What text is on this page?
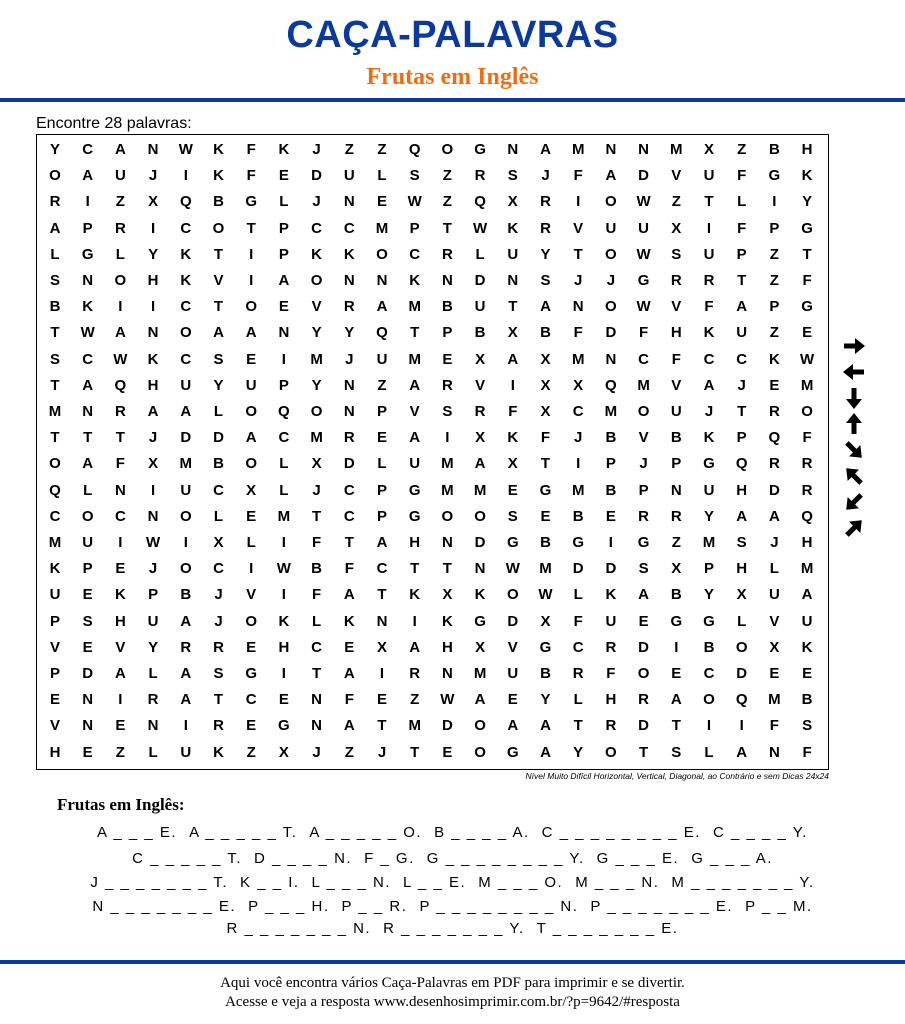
CAÇA-PALAVRAS
Frutas em Inglês
Encontre 28 palavras:
Y	C	A	N	W	K	F	K	J	Z	Z	Q	O	G	N	A	M	N	N	M	X	Z	B	H
O	A	U	J	I	K	F	E	D	U	L	S	Z	R	S	J	F	A	D	V	U	F	G	K
R	I	Z	X	Q	B	G	L	J	N	E	W	Z	Q	X	R	I	O	W	Z	T	L	I	Y
A	P	R	I	C	O	T	P	C	C	M	P	T	W	K	R	V	U	U	X	I	F	P	G
L	G	L	Y	K	T	I	P	K	K	O	C	R	L	U	Y	T	O	W	S	U	P	Z	T
S	N	O	H	K	V	I	A	O	N	N	K	N	D	N	S	J	J	G	R	R	T	Z	F
B	K	I	I	C	T	O	E	V	R	A	M	B	U	T	A	N	O	W	V	F	A	P	G
T	W	A	N	O	A	A	N	Y	Y	Q	T	P	B	X	B	F	D	F	H	K	U	Z	E
S	C	W	K	C	S	E	I	M	J	U	M	E	X	A	X	M	N	C	F	C	C	K	W
T	A	Q	H	U	Y	U	P	Y	N	Z	A	R	V	I	X	X	Q	M	V	A	J	E	M
M	N	R	A	A	L	O	Q	O	N	P	V	S	R	F	X	C	M	O	U	J	T	R	O
T	T	T	J	D	D	A	C	M	R	E	A	I	X	K	F	J	B	V	B	K	P	Q	F
O	A	F	X	M	B	O	L	X	D	L	U	M	A	X	T	I	P	J	P	G	Q	R	R
Q	L	N	I	U	C	X	L	J	C	P	G	M	M	E	G	M	B	P	N	U	H	D	R
C	O	C	N	O	L	E	M	T	C	P	G	O	O	S	E	B	E	R	R	Y	A	A	Q
M	U	I	W	I	X	L	I	F	T	A	H	N	D	G	B	G	I	G	Z	M	S	J	H
K	P	E	J	O	C	I	W	B	F	C	T	T	N	W	M	D	D	S	X	P	H	L	M
U	E	K	P	B	J	V	I	F	A	T	K	X	K	O	W	L	K	A	B	Y	X	U	A
P	S	H	U	A	J	O	K	L	K	N	I	K	G	D	X	F	U	E	G	G	L	V	U
V	E	V	Y	R	R	E	H	C	E	X	A	H	X	V	G	C	R	D	I	B	O	X	K
P	D	A	L	A	S	G	I	T	A	I	R	N	M	U	B	R	F	O	E	C	D	E	E
E	N	I	R	A	T	C	E	N	F	E	Z	W	A	E	Y	L	H	R	A	O	Q	M	B
V	N	E	N	I	R	E	G	N	A	T	M	D	O	A	A	T	R	D	T	I	I	F	S
H	E	Z	L	U	K	Z	X	J	Z	J	T	E	O	G	A	Y	O	T	S	L	A	N	F
Nível Muito Difícil Horizontal, Vertical, Diagonal, ao Contrário e sem Dicas 24x24
Frutas em Inglês:
A _ _ _ E. A _ _ _ _ _ T. A _ _ _ _ _ O. B _ _ _ _ A. C _ _ _ _ _ _ _ _ E. C _ _ _ _ Y.
C _ _ _ _ _ T. D _ _ _ _ N. F _ G. G _ _ _ _ _ _ _ _ Y. G _ _ _ E. G _ _ _ A.
J _ _ _ _ _ _ _ T. K _ _ I. L _ _ _ N. L _ _ E. M _ _ _ O. M _ _ _ N. M _ _ _ _ _ _ _ Y.
N _ _ _ _ _ _ _ E. P _ _ _ H. P _ _ R. P _ _ _ _ _ _ _ _ N. P _ _ _ _ _ _ _ E. P _ _ M.
R _ _ _ _ _ _ _ N. R _ _ _ _ _ _ _ Y. T _ _ _ _ _ _ _ E.
Aqui você encontra vários Caça-Palavras em PDF para imprimir e se divertir.
Acesse e veja a resposta www.desenhosimprimir.com.br/?p=9642/#resposta
